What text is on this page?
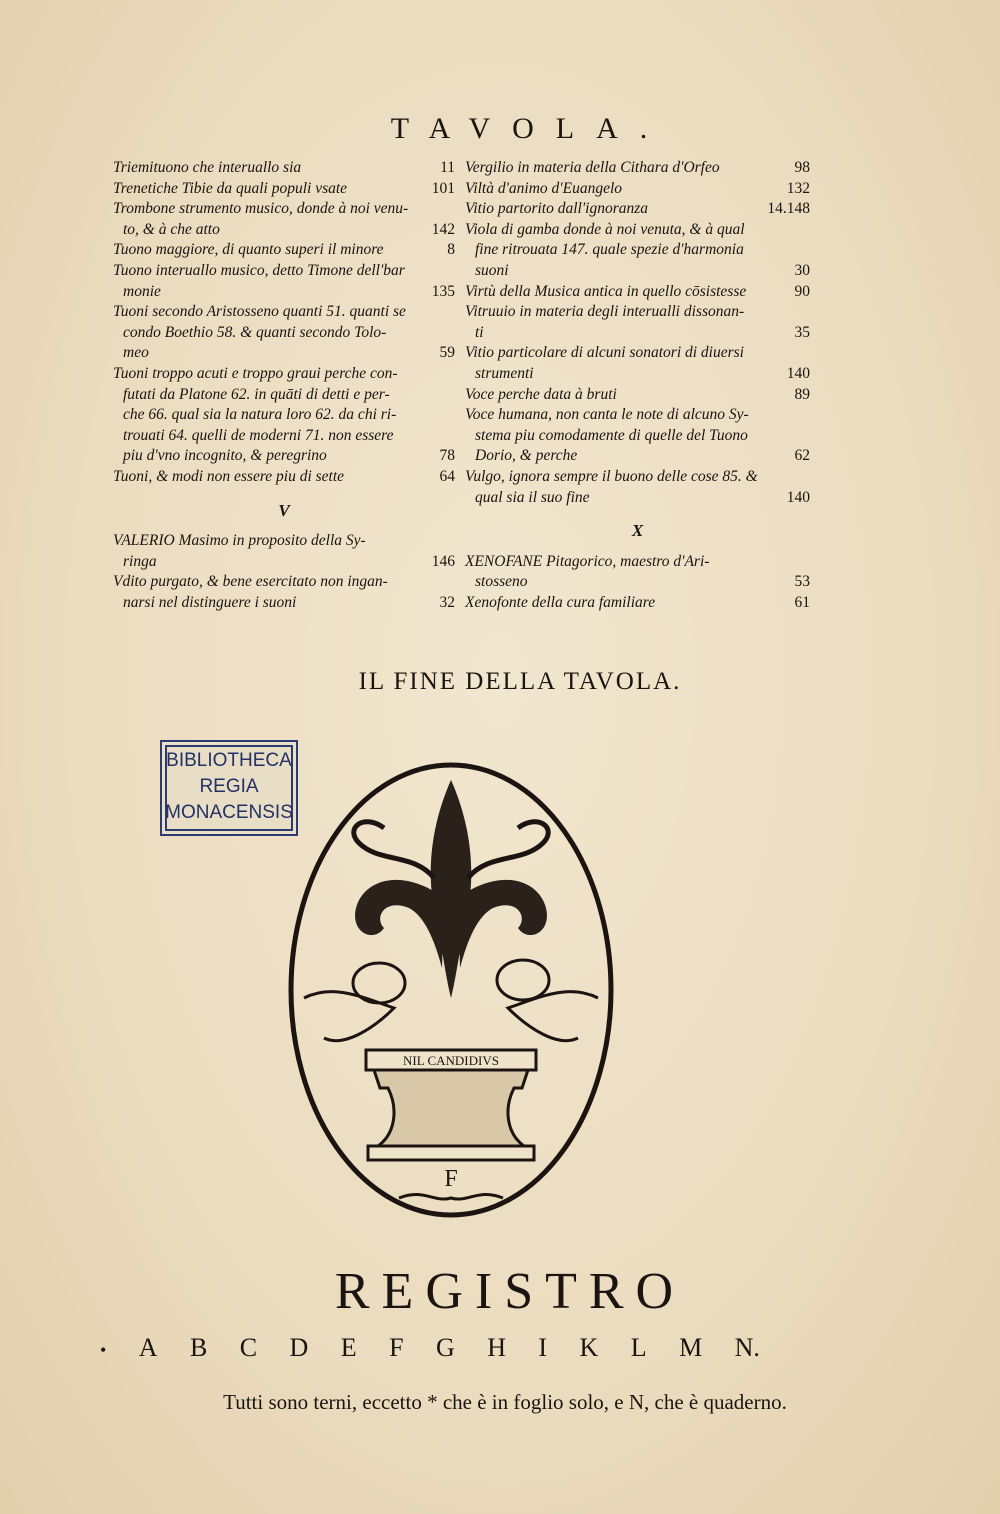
TAVOLA.
Triemituono che interuallo sia	11
Trenetiche Tibie da quali populi vsate	101
Trombone strumento musico, donde à noi venu-
to, & à che atto	142
Tuono maggiore, di quanto superi il minore	8
Tuono interuallo musico, detto Timone dell'bar
monie	135
Tuoni secondo Aristosseno quanti 51. quanti se
condo Boethio 58. & quanti secondo Tolo-
meo	59
Tuoni troppo acuti e troppo graui perche con-
futati da Platone 62. in quāti di detti e per-
che 66. qual sia la natura loro 62. da chi ri-
trouati 64. quelli de moderni 71. non essere
piu d'vno incognito, & peregrino	78
Tuoni, & modi non essere piu di sette	64
V
VALERIO Masimo in proposito della Sy-
ringa	146
Vdito purgato, & bene esercitato non ingan-
narsi nel distinguere i suoni	32
Vergilio in materia della Cithara d'Orfeo	98
Viltà d'animo d'Euangelo	132
Vitio partorito dall'ignoranza	14.148
Viola di gamba donde à noi venuta, & à qual
fine ritrouata 147. quale spezie d'harmonia
suoni	30
Virtù della Musica antica in quello cōsistesse	90
Vitruuio in materia degli interualli dissonan-
ti	35
Vitio particolare di alcuni sonatori di diuersi
strumenti	140
Voce perche data à bruti	89
Voce humana, non canta le note di alcuno Sy-
stema piu comodamente di quelle del Tuono
Dorio, & perche	62
Vulgo, ignora sempre il buono delle cose 85. &
qual sia il suo fine	140
X
XENOFANE Pitagorico, maestro d'Ari-
stosseno	53
Xenofonte della cura familiare	61
IL FINE DELLA TAVOLA.
BIBLIOTHECA
REGIA
MONACENSIS
NIL CANDIDIVS
F
REGISTRO
• A B C D E F G H I K L M N.
Tutti sono terni, eccetto * che è in foglio solo, e N, che è quaderno.
